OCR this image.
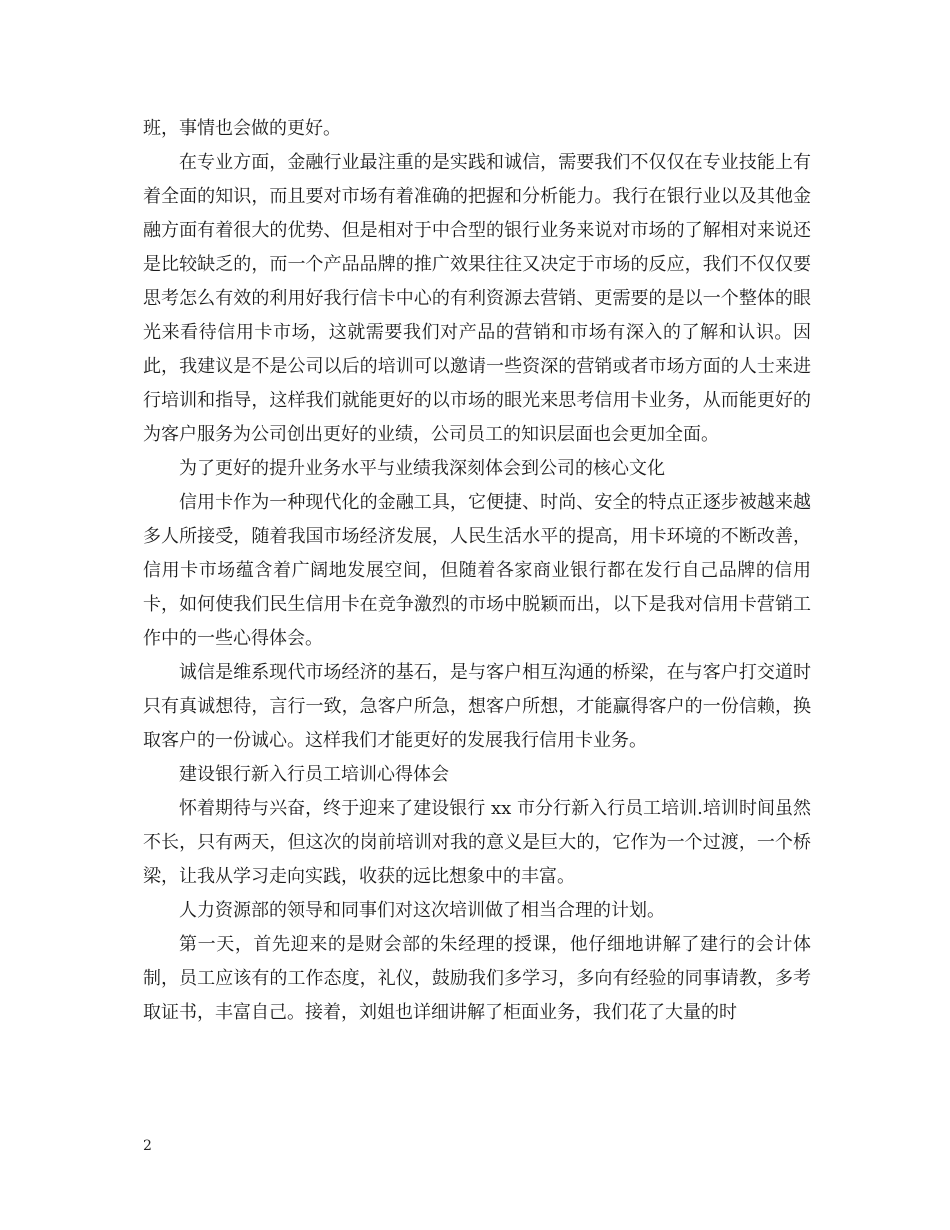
班，事情也会做的更好。

在专业方面，金融行业最注重的是实践和诚信，需要我们不仅仅在专业技能上有着全面的知识，而且要对市场有着准确的把握和分析能力。我行在银行业以及其他金融方面有着很大的优势、但是相对于中合型的银行业务来说对市场的了解相对来说还是比较缺乏的，而一个产品品牌的推广效果往往又决定于市场的反应，我们不仅仅要思考怎么有效的利用好我行信卡中心的有利资源去营销、更需要的是以一个整体的眼光来看待信用卡市场，这就需要我们对产品的营销和市场有深入的了解和认识。因此，我建议是不是公司以后的培训可以邀请一些资深的营销或者市场方面的人士来进行培训和指导，这样我们就能更好的以市场的眼光来思考信用卡业务，从而能更好的为客户服务为公司创出更好的业绩，公司员工的知识层面也会更加全面。

为了更好的提升业务水平与业绩我深刻体会到公司的核心文化

信用卡作为一种现代化的金融工具，它便捷、时尚、安全的特点正逐步被越来越多人所接受，随着我国市场经济发展，人民生活水平的提高，用卡环境的不断改善，信用卡市场蕴含着广阔地发展空间，但随着各家商业银行都在发行自己品牌的信用卡，如何使我们民生信用卡在竞争激烈的市场中脱颖而出，以下是我对信用卡营销工作中的一些心得体会。

诚信是维系现代市场经济的基石，是与客户相互沟通的桥梁，在与客户打交道时只有真诚想待，言行一致，急客户所急，想客户所想，才能赢得客户的一份信赖，换取客户的一份诚心。这样我们才能更好的发展我行信用卡业务。

建设银行新入行员工培训心得体会

怀着期待与兴奋，终于迎来了建设银行 xx 市分行新入行员工培训.培训时间虽然不长，只有两天，但这次的岗前培训对我的意义是巨大的，它作为一个过渡，一个桥梁，让我从学习走向实践，收获的远比想象中的丰富。

人力资源部的领导和同事们对这次培训做了相当合理的计划。

第一天，首先迎来的是财会部的朱经理的授课，他仔细地讲解了建行的会计体制，员工应该有的工作态度，礼仪，鼓励我们多学习，多向有经验的同事请教，多考取证书，丰富自己。接着，刘姐也详细讲解了柜面业务，我们花了大量的时

2
